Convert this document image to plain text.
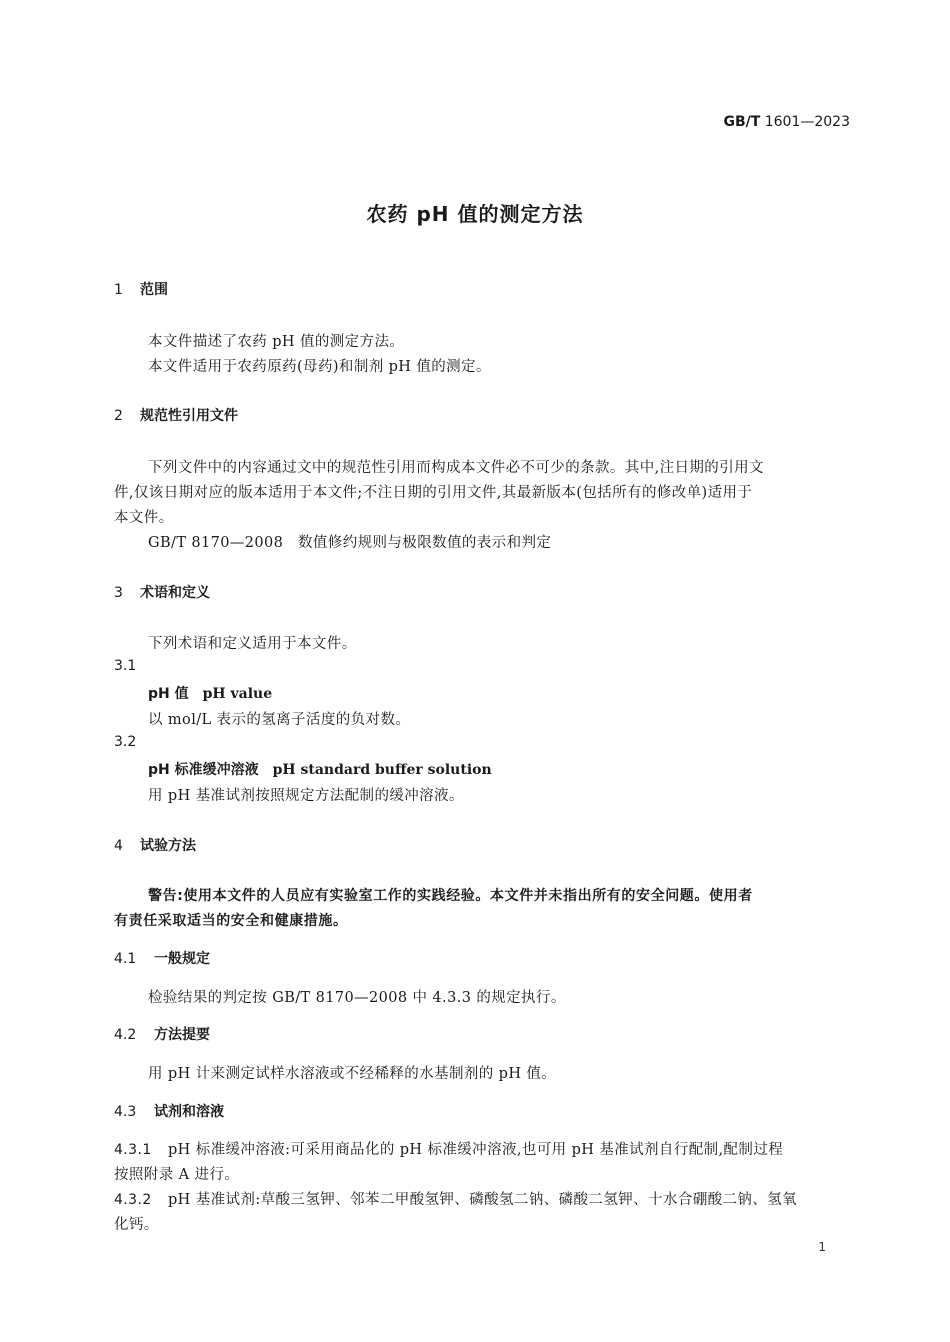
GB/T 1601—2023
农药 pH 值的测定方法
1 范围
本文件描述了农药 pH 值的测定方法。
本文件适用于农药原药(母药)和制剂 pH 值的测定。
2 规范性引用文件
下列文件中的内容通过文中的规范性引用而构成本文件必不可少的条款。其中,注日期的引用文
件,仅该日期对应的版本适用于本文件;不注日期的引用文件,其最新版本(包括所有的修改单)适用于
本文件。
GB/T 8170—2008 数值修约规则与极限数值的表示和判定
3 术语和定义
下列术语和定义适用于本文件。
3.1
pH 值 pH value
以 mol/L 表示的氢离子活度的负对数。
3.2
pH 标准缓冲溶液 pH standard buffer solution
用 pH 基准试剂按照规定方法配制的缓冲溶液。
4 试验方法
警告:使用本文件的人员应有实验室工作的实践经验。本文件并未指出所有的安全问题。使用者
有责任采取适当的安全和健康措施。
4.1 一般规定
检验结果的判定按 GB/T 8170—2008 中 4.3.3 的规定执行。
4.2 方法提要
用 pH 计来测定试样水溶液或不经稀释的水基制剂的 pH 值。
4.3 试剂和溶液
4.3.1 pH 标准缓冲溶液:可采用商品化的 pH 标准缓冲溶液,也可用 pH 基准试剂自行配制,配制过程
按照附录 A 进行。
4.3.2 pH 基准试剂:草酸三氢钾、邻苯二甲酸氢钾、磷酸氢二钠、磷酸二氢钾、十水合硼酸二钠、氢氧
化钙。
1
